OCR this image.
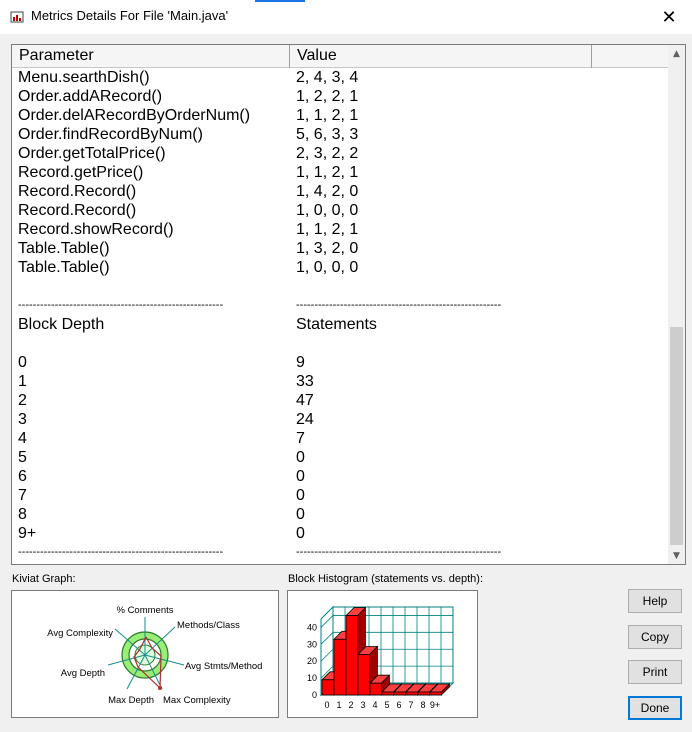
Metrics Details For File 'Main.java'	✕
Parameter	Value
Menu.searthDish()	2, 4, 3, 4
Order.addARecord()	1, 2, 2, 1
Order.delARecordByOrderNum()	1, 1, 2, 1
Order.findRecordByNum()	5, 6, 3, 3
Order.getTotalPrice()	2, 3, 2, 2
Record.getPrice()	1, 1, 2, 1
Record.Record()	1, 4, 2, 0
Record.Record()	1, 0, 0, 0
Record.showRecord()	1, 1, 2, 1
Table.Table()	1, 3, 2, 0
Table.Table()	1, 0, 0, 0
--------------------------------------------------------	--------------------------------------------------------
Block Depth	Statements
0	9
1	33
2	47
3	24
4	7
5	0
6	0
7	0
8	0
9+	0
--------------------------------------------------------	--------------------------------------------------------
▲
▼
Kiviat Graph:
% Comments
Methods/Class
Avg Stmts/Method
Max Complexity
Max Depth
Avg Depth
Avg Complexity
Block Histogram (statements vs. depth):
0
10
20
30
40
0 1 2 3 4 5 6 7 8 9+
Help
Copy
Print
Done
